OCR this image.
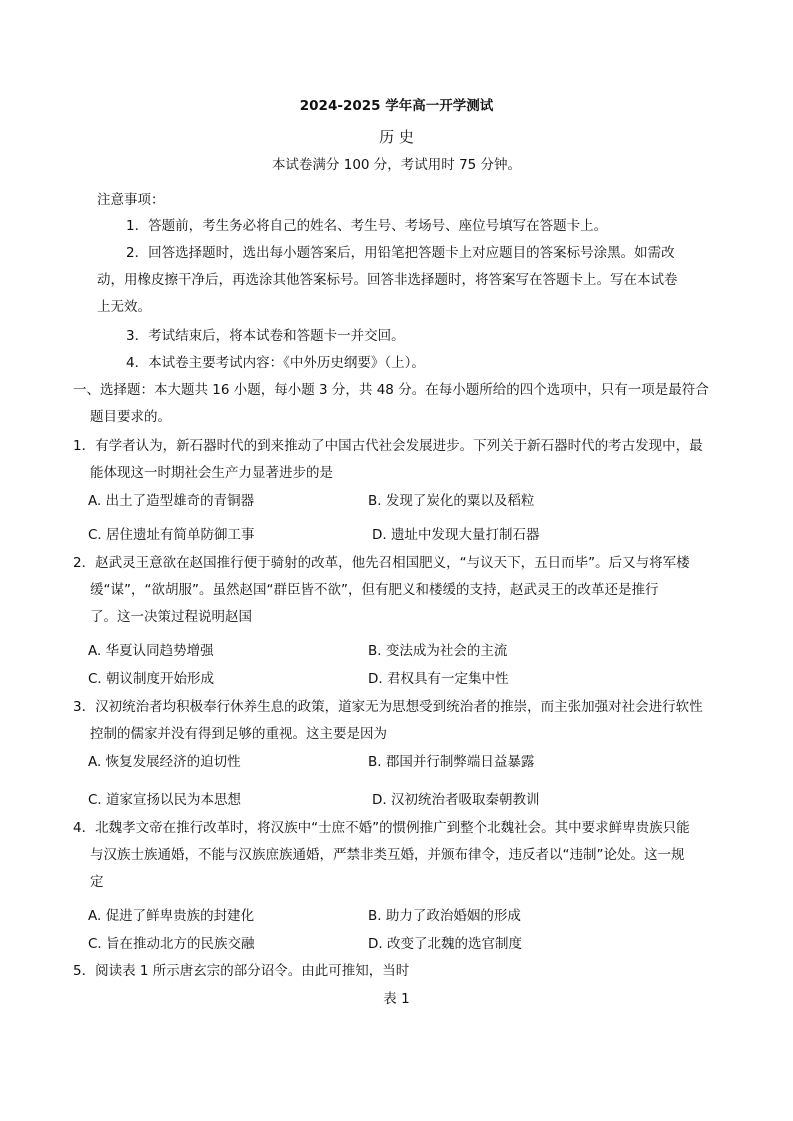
2024-2025 学年高一开学测试
历 史
本试卷满分 100 分，考试用时 75 分钟。
注意事项：
1．答题前，考生务必将自己的姓名、考生号、考场号、座位号填写在答题卡上。
2．回答选择题时，选出每小题答案后，用铅笔把答题卡上对应题目的答案标号涂黑。如需改
动，用橡皮擦干净后，再选涂其他答案标号。回答非选择题时，将答案写在答题卡上。写在本试卷
上无效。
3．考试结束后，将本试卷和答题卡一并交回。
4．本试卷主要考试内容：《中外历史纲要》（上）。
一、选择题：本大题共 16 小题，每小题 3 分，共 48 分。在每小题所给的四个选项中，只有一项是最符合
题目要求的。
1．有学者认为，新石器时代的到来推动了中国古代社会发展进步。下列关于新石器时代的考古发现中，最
能体现这一时期社会生产力显著进步的是
A. 出土了造型雄奇的青铜器	B. 发现了炭化的粟以及稻粒
C. 居住遗址有简单防御工事	D. 遗址中发现大量打制石器
2．赵武灵王意欲在赵国推行便于骑射的改革，他先召相国肥义，“与议天下，五日而毕”。后又与将军楼
缓“谋”，“欲胡服”。虽然赵国“群臣皆不欲”，但有肥义和楼缓的支持，赵武灵王的改革还是推行
了。这一决策过程说明赵国
A. 华夏认同趋势增强	B. 变法成为社会的主流
C. 朝议制度开始形成	D. 君权具有一定集中性
3．汉初统治者均积极奉行休养生息的政策，道家无为思想受到统治者的推崇，而主张加强对社会进行软性
控制的儒家并没有得到足够的重视。这主要是因为
A. 恢复发展经济的迫切性	B. 郡国并行制弊端日益暴露
C. 道家宣扬以民为本思想	D. 汉初统治者吸取秦朝教训
4．北魏孝文帝在推行改革时，将汉族中“士庶不婚”的惯例推广到整个北魏社会。其中要求鲜卑贵族只能
与汉族士族通婚，不能与汉族庶族通婚，严禁非类互婚，并颁布律令，违反者以“违制”论处。这一规
定
A. 促进了鲜卑贵族的封建化	B. 助力了政治婚姻的形成
C. 旨在推动北方的民族交融	D. 改变了北魏的选官制度
5．阅读表 1 所示唐玄宗的部分诏令。由此可推知，当时
表 1
